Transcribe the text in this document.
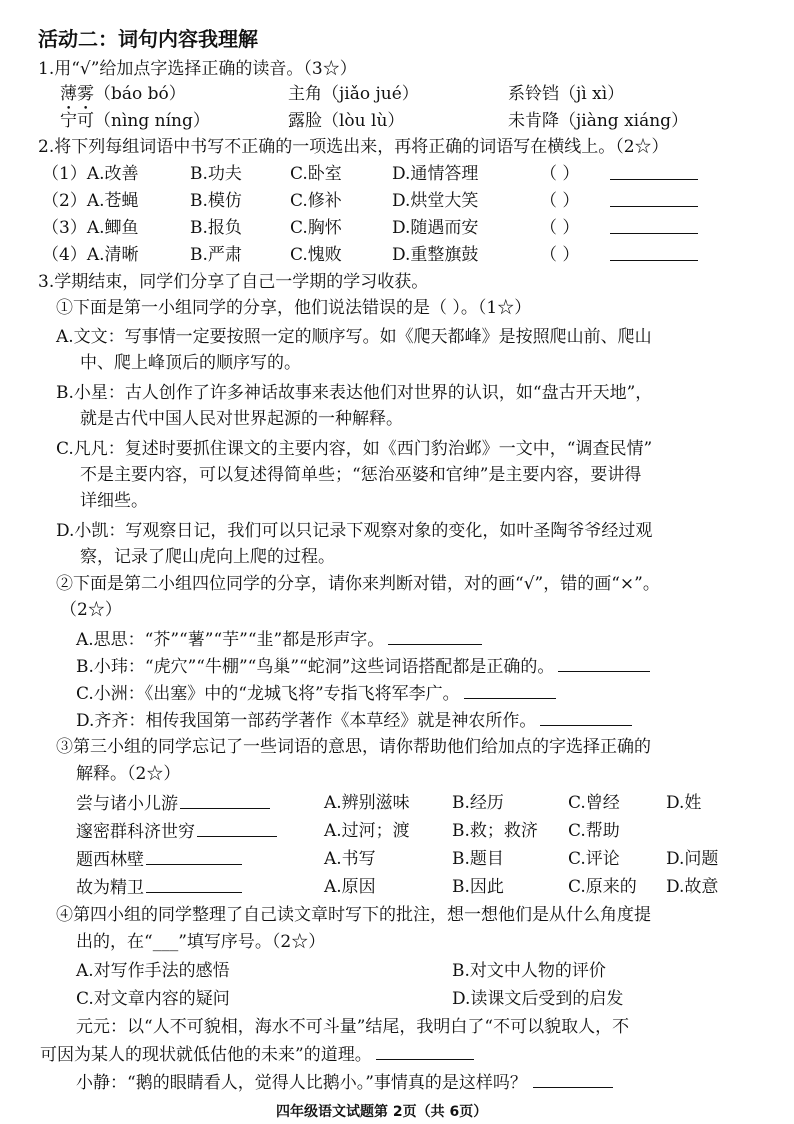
活动二：词句内容我理解
1.用“√”给加点字选择正确的读音。（3☆）
薄雾（báo bó）	主角（jiǎo jué）	系铃铛（jì xì）
宁可（nìng níng）	露脸（lòu lù）	未肯降（jiàng xiáng）
2.将下列每组词语中书写不正确的一项选出来，再将正确的词语写在横线上。（2☆）
（1）A.改善	B.功夫	C.卧室	D.通情答理	（ ）
（2）A.苍蝇	B.模仿	C.修补	D.烘堂大笑	（ ）
（3）A.鲫鱼	B.报负	C.胸怀	D.随遇而安	（ ）
（4）A.清晰	B.严肃	C.愧败	D.重整旗鼓	（ ）
3.学期结束，同学们分享了自己一学期的学习收获。
①下面是第一小组同学的分享，他们说法错误的是（ ）。（1☆）
A.文文：写事情一定要按照一定的顺序写。如《爬天都峰》是按照爬山前、爬山
中、爬上峰顶后的顺序写的。
B.小星：古人创作了许多神话故事来表达他们对世界的认识，如“盘古开天地”，
就是古代中国人民对世界起源的一种解释。
C.凡凡：复述时要抓住课文的主要内容，如《西门豹治邺》一文中，“调查民情”
不是主要内容，可以复述得简单些；“惩治巫婆和官绅”是主要内容，要讲得
详细些。
D.小凯：写观察日记，我们可以只记录下观察对象的变化，如叶圣陶爷爷经过观
察，记录了爬山虎向上爬的过程。
②下面是第二小组四位同学的分享，请你来判断对错，对的画“√”，错的画“×”。
（2☆）
A.思思：“芥”“薯”“芋”“韭”都是形声字。
B.小玮：“虎穴”“牛棚”“鸟巢”“蛇洞”这些词语搭配都是正确的。
C.小洲：《出塞》中的“龙城飞将”专指飞将军李广。
D.齐齐：相传我国第一部药学著作《本草经》就是神农所作。
③第三小组的同学忘记了一些词语的意思，请你帮助他们给加点的字选择正确的
解释。（2☆）
尝与诸小儿游	A.辨别滋味 B.经历	C.曾经	D.姓
邃密群科济世穷	A.过河；渡 B.救；救济 C.帮助
题西林壁	A.书写	B.题目	C.评论	D.问题
故为精卫	A.原因	B.因此	C.原来的 D.故意
④第四小组的同学整理了自己读文章时写下的批注，想一想他们是从什么角度提
出的，在“___”填写序号。（2☆）
A.对写作手法的感悟	B.对文中人物的评价
C.对文章内容的疑问	D.读课文后受到的启发
元元：以“人不可貌相，海水不可斗量”结尾，我明白了“不可以貌取人，不
可因为某人的现状就低估他的未来”的道理。
小静：“鹅的眼睛看人，觉得人比鹅小。”事情真的是这样吗？
四年级语文试题第 2页（共 6页）
